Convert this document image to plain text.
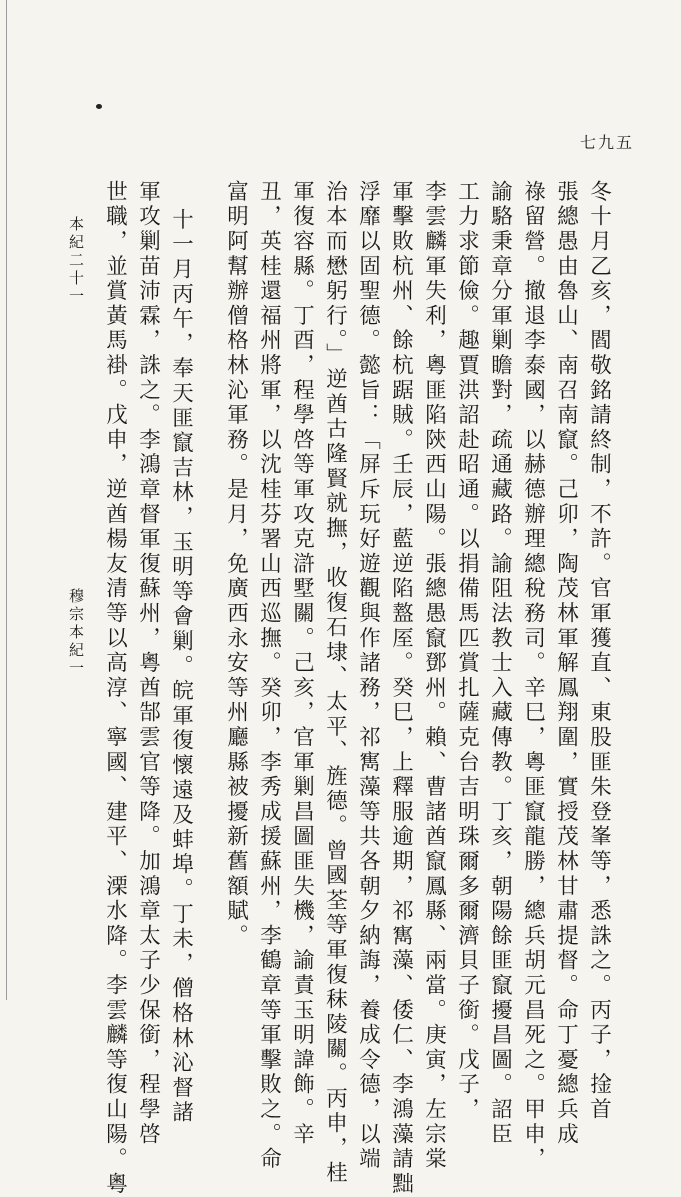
冬十月乙亥，閻敬銘請終制，不許。官軍獲直、東股匪朱登峯等，悉誅之。丙子，捦首
張總愚由魯山、南召南竄。己卯，陶茂林軍解鳳翔圍，實授茂林甘肅提督。命丁憂總兵成
祿留營。撤退李泰國，以赫德辦理總稅務司。辛巳，粵匪竄龍勝，總兵胡元昌死之。甲申，
諭駱秉章分軍剿瞻對，疏通藏路。諭阻法教士入藏傳教。丁亥，朝陽餘匪竄擾昌圖。詔臣
工力求節儉。趣賈洪詔赴昭通。以捐備馬匹賞扎薩克台吉明珠爾多爾濟貝子銜。戊子，
李雲麟軍失利，粵匪陷陝西山陽。張總愚竄鄧州。賴、曹諸酋竄鳳縣、兩當。庚寅，左宗棠
軍擊敗杭州、餘杭踞賊。壬辰，藍逆陷盩厔。癸巳，上釋服逾期，祁寯藻、倭仁、李鴻藻請黜
浮靡以固聖德。懿旨：「屏斥玩好遊觀與作諸務，祁寯藻等共各朝夕納誨，養成令德，以端
治本而懋躬行。」逆酋古隆賢就撫，收復石埭、太平、旌德。曾國荃等軍復秣陵關。丙申，桂
軍復容縣。丁酉，程學啓等軍攻克滸墅關。己亥，官軍剿昌圖匪失機，諭責玉明諱飾。辛
丑，英桂還福州將軍，以沈桂芬署山西巡撫。癸卯，李秀成援蘇州，李鶴章等軍擊敗之。命
富明阿幫辦僧格林沁軍務。是月，免廣西永安等州廳縣被擾新舊額賦。
十一月丙午，奉天匪竄吉林，玉明等會剿。皖軍復懷遠及蚌埠。丁未，僧格林沁督諸
軍攻剿苗沛霖，誅之。李鴻章督軍復蘇州，粵酋郜雲官等降。加鴻章太子少保銜，程學啓
世職，並賞黃馬褂。戊申，逆酋楊友清等以高淳、寧國、建平、溧水降。李雲麟等復山陽。粵
本紀二十一
穆宗本紀一
七九五
